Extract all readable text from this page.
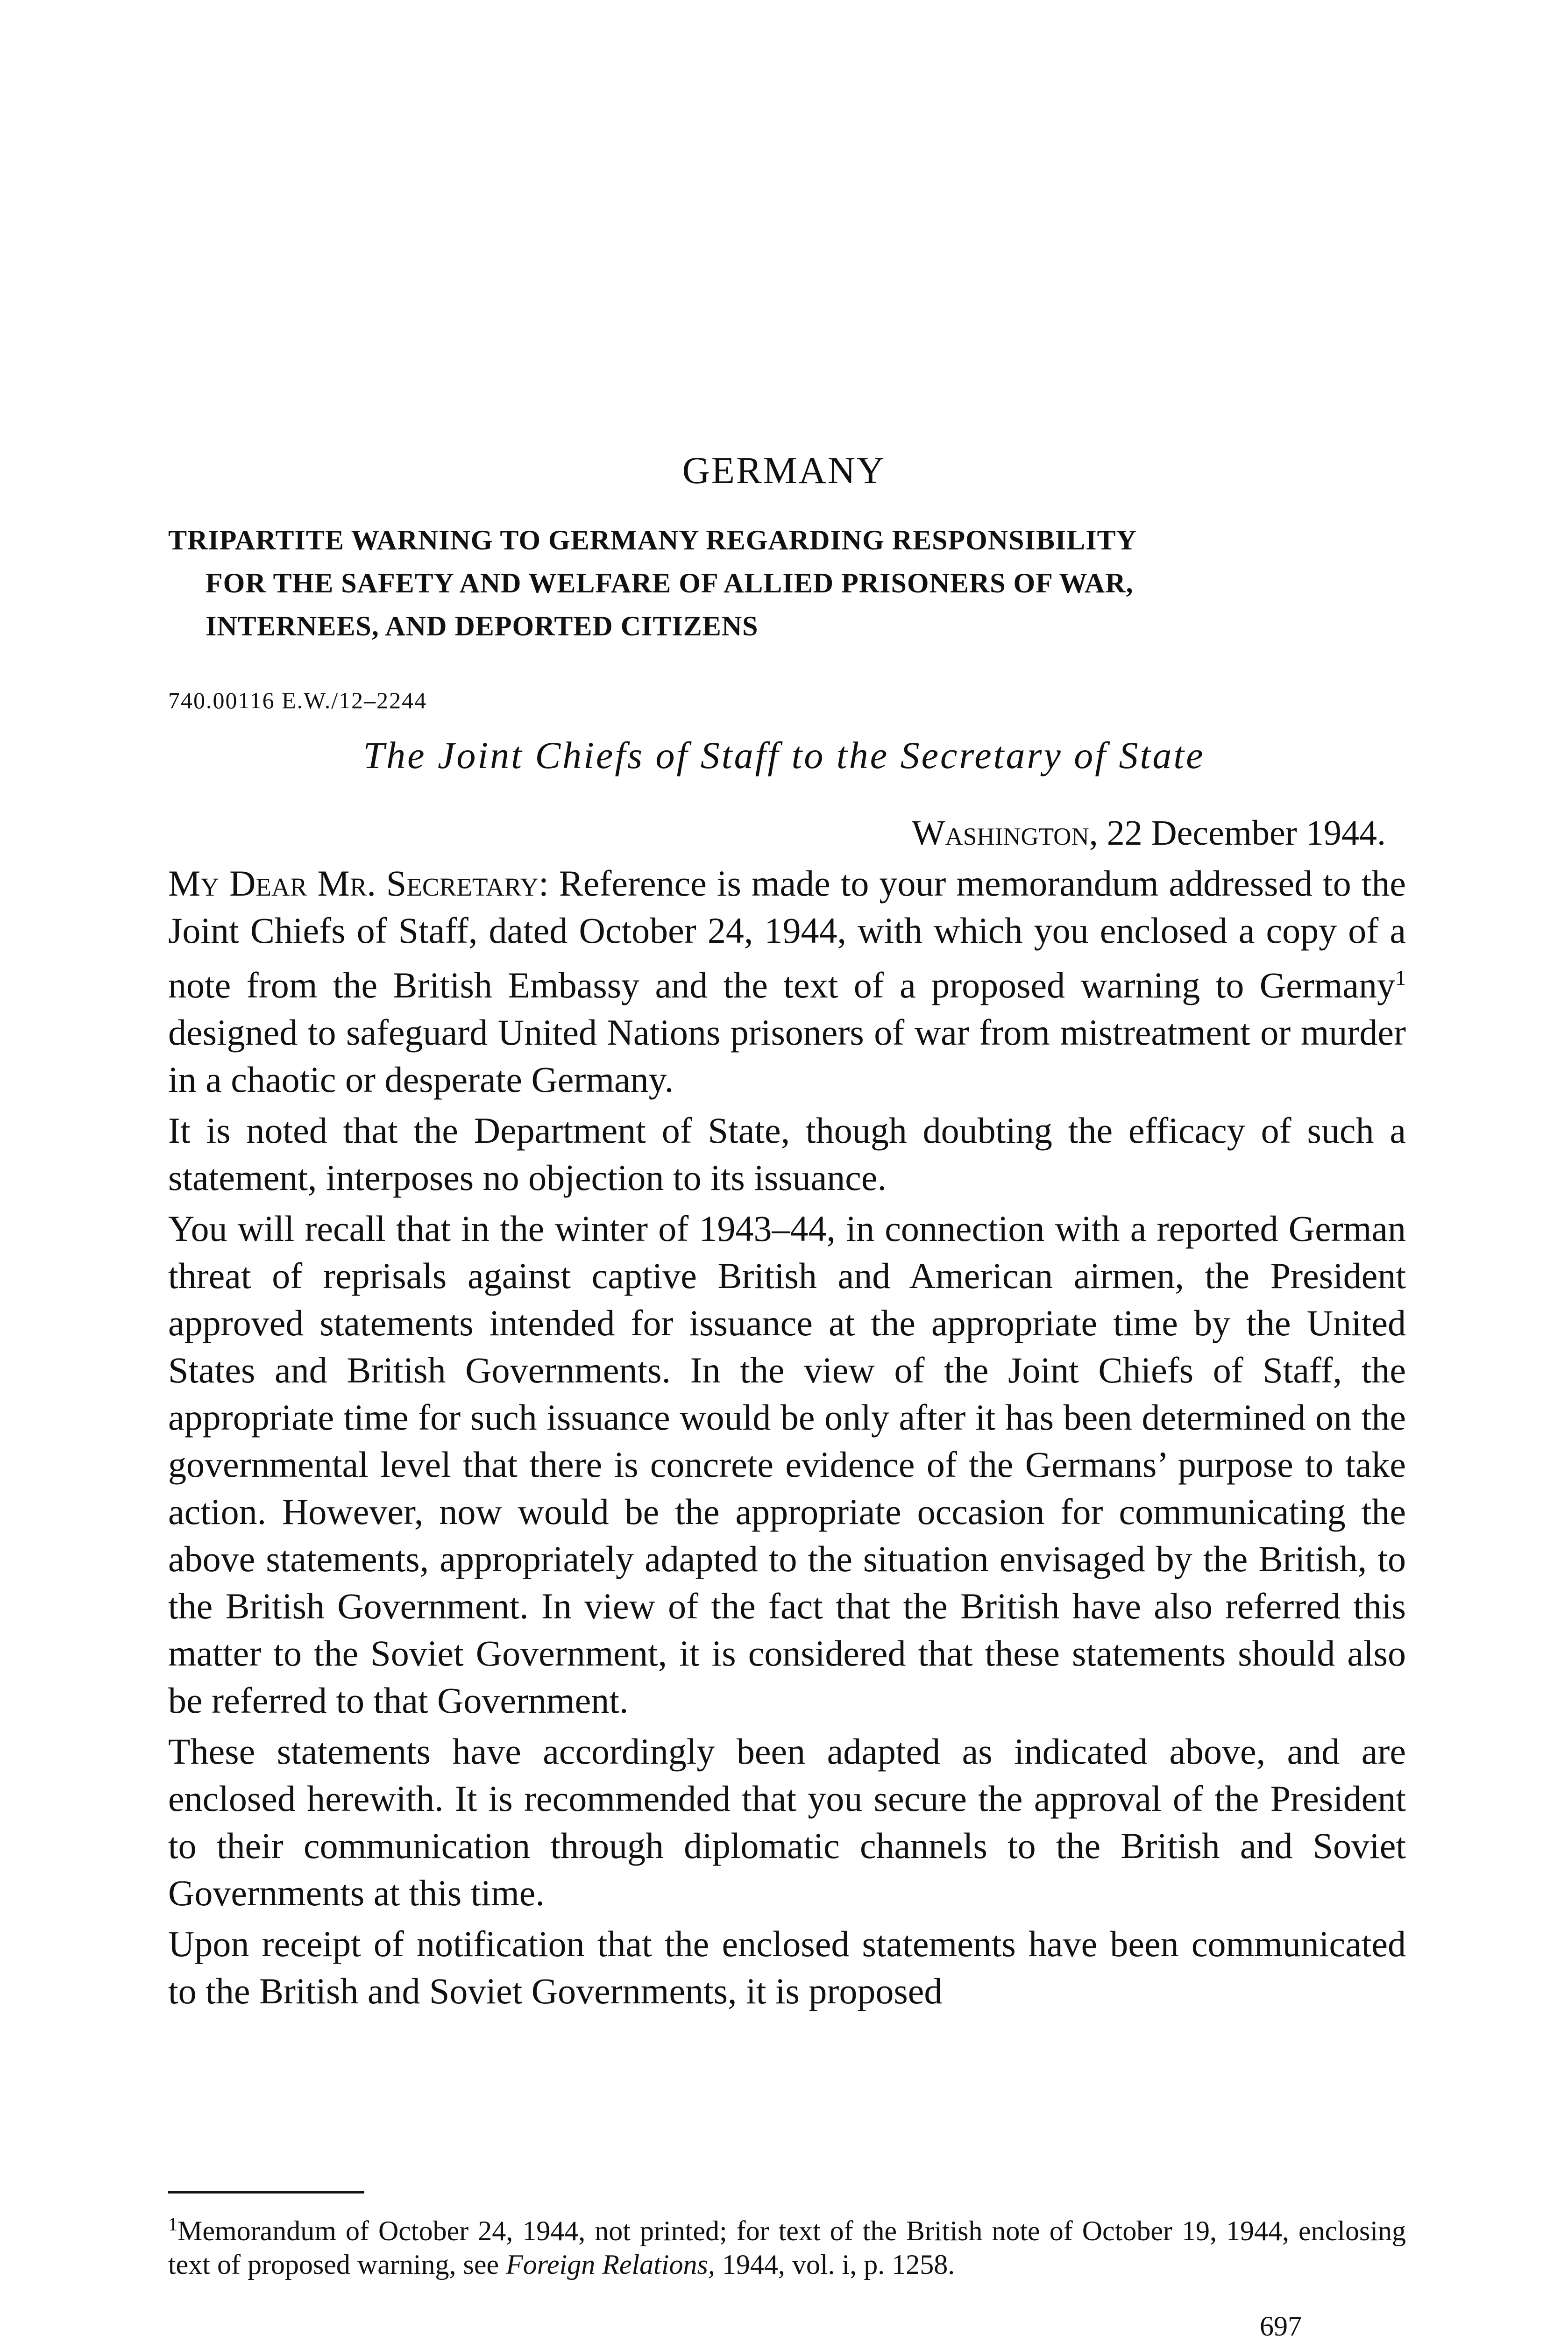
GERMANY
TRIPARTITE WARNING TO GERMANY REGARDING RESPONSIBILITY
FOR THE SAFETY AND WELFARE OF ALLIED PRISONERS OF WAR,
INTERNEES, AND DEPORTED CITIZENS
740.00116 E.W./12–2244
The Joint Chiefs of Staff to the Secretary of State
Washington, 22 December 1944.

My Dear Mr. Secretary: Reference is made to your memorandum addressed to the Joint Chiefs of Staff, dated October 24, 1944, with which you enclosed a copy of a note from the British Embassy and the text of a proposed warning to Germany$^1$ designed to safeguard United Nations prisoners of war from mistreatment or murder in a chaotic or desperate Germany.

It is noted that the Department of State, though doubting the efficacy of such a statement, interposes no objection to its issuance.

You will recall that in the winter of 1943–44, in connection with a reported German threat of reprisals against captive British and American airmen, the President approved statements intended for issuance at the appropriate time by the United States and British Governments. In the view of the Joint Chiefs of Staff, the appropriate time for such issuance would be only after it has been determined on the governmental level that there is concrete evidence of the Germans’ purpose to take action. However, now would be the appropriate occasion for communicating the above statements, appropriately adapted to the situation envisaged by the British, to the British Government. In view of the fact that the British have also referred this matter to the Soviet Government, it is considered that these statements should also be referred to that Government.

These statements have accordingly been adapted as indicated above, and are enclosed herewith. It is recommended that you secure the approval of the President to their communication through diplomatic channels to the British and Soviet Governments at this time.

Upon receipt of notification that the enclosed statements have been communicated to the British and Soviet Governments, it is proposed

$^1$Memorandum of October 24, 1944, not printed; for text of the British note of October 19, 1944, enclosing text of proposed warning, see Foreign Relations, 1944, vol. i, p. 1258.
697
